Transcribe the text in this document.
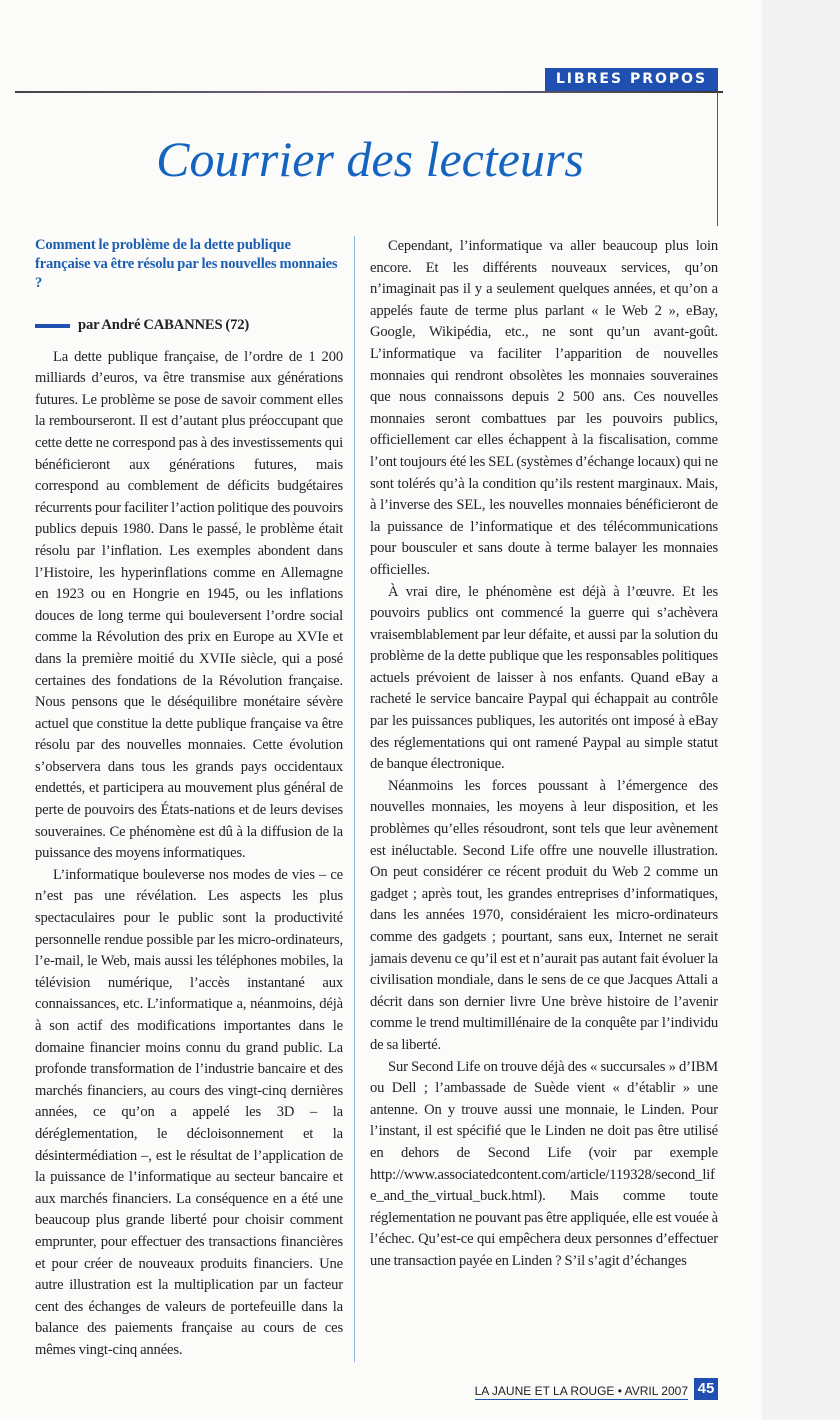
LIBRES PROPOS
Courrier des lecteurs
Comment le problème de la dette publique française va être résolu par les nouvelles monnaies ?
par André CABANNES (72)

La dette publique française, de l’ordre de 1 200 milliards d’euros, va être transmise aux générations futures. Le problème se pose de savoir comment elles la rembourseront. Il est d’autant plus préoccupant que cette dette ne correspond pas à des investissements qui bénéficieront aux générations futures, mais correspond au comblement de déficits budgétaires récurrents pour faciliter l’action politique des pouvoirs publics depuis 1980. Dans le passé, le problème était résolu par l’inflation. Les exemples abondent dans l’Histoire, les hyperinflations comme en Allemagne en 1923 ou en Hongrie en 1945, ou les inflations douces de long terme qui bouleversent l’ordre social comme la Révolution des prix en Europe au XVIe et dans la première moitié du XVIIe siècle, qui a posé certaines des fondations de la Révolution française. Nous pensons que le déséquilibre monétaire sévère actuel que constitue la dette publique française va être résolu par des nouvelles monnaies. Cette évolution s’observera dans tous les grands pays occidentaux endettés, et participera au mouvement plus général de perte de pouvoirs des États-nations et de leurs devises souveraines. Ce phénomène est dû à la diffusion de la puissance des moyens informatiques.

L’informatique bouleverse nos modes de vies – ce n’est pas une révélation. Les aspects les plus spectaculaires pour le public sont la productivité personnelle rendue possible par les micro-ordinateurs, l’e-mail, le Web, mais aussi les téléphones mobiles, la télévision numérique, l’accès instantané aux connaissances, etc. L’informatique a, néanmoins, déjà à son actif des modifications importantes dans le domaine financier moins connu du grand public. La profonde transformation de l’industrie bancaire et des marchés financiers, au cours des vingt-cinq dernières années, ce qu’on a appelé les 3D – la déréglementation, le décloisonnement et la désintermédiation –, est le résultat de l’application de la puissance de l’informatique au secteur bancaire et aux marchés financiers. La conséquence en a été une beaucoup plus grande liberté pour choisir comment emprunter, pour effectuer des transactions financières et pour créer de nouveaux produits financiers. Une autre illustration est la multiplication par un facteur cent des échanges de valeurs de portefeuille dans la balance des paiements française au cours de ces mêmes vingt-cinq années.

Cependant, l’informatique va aller beaucoup plus loin encore. Et les différents nouveaux services, qu’on n’imaginait pas il y a seulement quelques années, et qu’on a appelés faute de terme plus parlant « le Web 2 », eBay, Google, Wikipédia, etc., ne sont qu’un avant-goût. L’informatique va faciliter l’apparition de nouvelles monnaies qui rendront obsolètes les monnaies souveraines que nous connaissons depuis 2 500 ans. Ces nouvelles monnaies seront combattues par les pouvoirs publics, officiellement car elles échappent à la fiscalisation, comme l’ont toujours été les SEL (systèmes d’échange locaux) qui ne sont tolérés qu’à la condition qu’ils restent marginaux. Mais, à l’inverse des SEL, les nouvelles monnaies bénéficieront de la puissance de l’informatique et des télécommunications pour bousculer et sans doute à terme balayer les monnaies officielles.

À vrai dire, le phénomène est déjà à l’œuvre. Et les pouvoirs publics ont commencé la guerre qui s’achèvera vraisemblablement par leur défaite, et aussi par la solution du problème de la dette publique que les responsables politiques actuels prévoient de laisser à nos enfants. Quand eBay a racheté le service bancaire Paypal qui échappait au contrôle par les puissances publiques, les autorités ont imposé à eBay des réglementations qui ont ramené Paypal au simple statut de banque électronique.

Néanmoins les forces poussant à l’émergence des nouvelles monnaies, les moyens à leur disposition, et les problèmes qu’elles résoudront, sont tels que leur avènement est inéluctable. Second Life offre une nouvelle illustration. On peut considérer ce récent produit du Web 2 comme un gadget ; après tout, les grandes entreprises d’informatiques, dans les années 1970, considéraient les micro-ordinateurs comme des gadgets ; pourtant, sans eux, Internet ne serait jamais devenu ce qu’il est et n’aurait pas autant fait évoluer la civilisation mondiale, dans le sens de ce que Jacques Attali a décrit dans son dernier livre Une brève histoire de l’avenir comme le trend multimillénaire de la conquête par l’individu de sa liberté.

Sur Second Life on trouve déjà des « succursales » d’IBM ou Dell ; l’ambassade de Suède vient « d’établir » une antenne. On y trouve aussi une monnaie, le Linden. Pour l’instant, il est spécifié que le Linden ne doit pas être utilisé en dehors de Second Life (voir par exemple http://www.associatedcontent.com/article/119328/second_life_and_the_virtual_buck.html). Mais comme toute réglementation ne pouvant pas être appliquée, elle est vouée à l’échec. Qu’est-ce qui empêchera deux personnes d’effectuer une transaction payée en Linden ? S’il s’agit d’échanges

LA JAUNE ET LA ROUGE • AVRIL 2007 45
